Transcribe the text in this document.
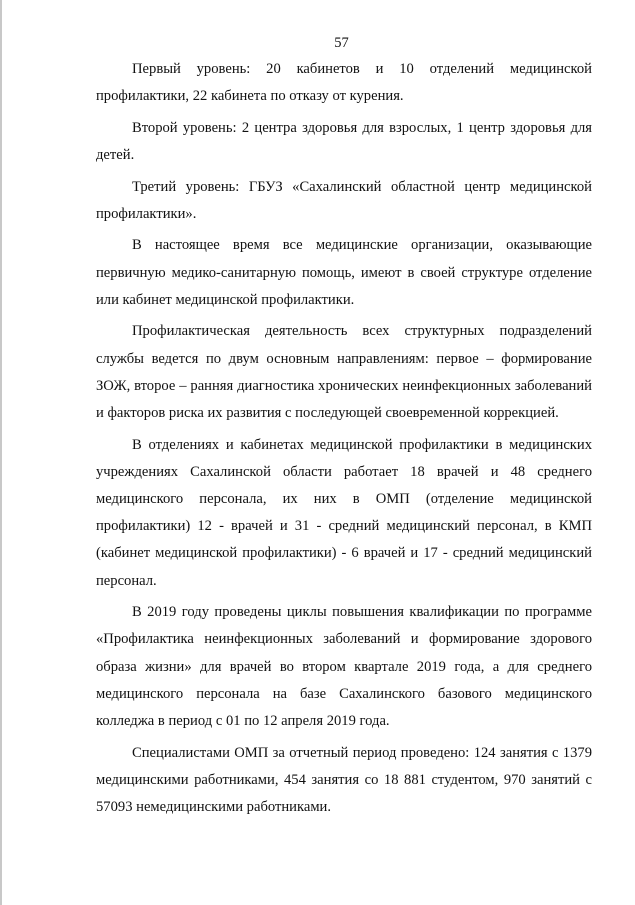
57

Первый уровень: 20 кабинетов и 10 отделений медицинской профилактики, 22 кабинета по отказу от курения.

Второй уровень: 2 центра здоровья для взрослых, 1 центр здоровья для детей.

Третий уровень: ГБУЗ «Сахалинский областной центр медицинской профилактики».

В настоящее время все медицинские организации, оказывающие первичную медико-санитарную помощь, имеют в своей структуре отделение или кабинет медицинской профилактики.

Профилактическая деятельность всех структурных подразделений службы ведется по двум основным направлениям: первое – формирование ЗОЖ, второе – ранняя диагностика хронических неинфекционных заболеваний и факторов риска их развития с последующей своевременной коррекцией.

В отделениях и кабинетах медицинской профилактики в медицинских учреждениях Сахалинской области работает 18 врачей и 48 среднего медицинского персонала, их них в ОМП (отделение медицинской профилактики) 12 - врачей и 31 - средний медицинский персонал, в КМП (кабинет медицинской профилактики) - 6 врачей и 17 - средний медицинский персонал.

В 2019 году проведены циклы повышения квалификации по программе «Профилактика неинфекционных заболеваний и формирование здорового образа жизни» для врачей во втором квартале 2019 года, а для среднего медицинского персонала на базе Сахалинского базового медицинского колледжа в период с 01 по 12 апреля 2019 года.

Специалистами ОМП за отчетный период проведено: 124 занятия с 1379 медицинскими работниками, 454 занятия со 18 881 студентом, 970 занятий с 57093 немедицинскими работниками.
